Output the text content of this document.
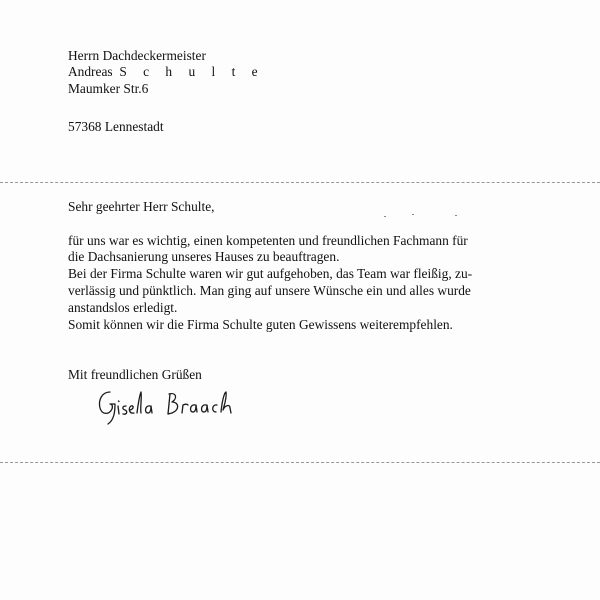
Herrn Dachdeckermeister
Andreas S c h u l t e
Maumker Str.6
57368 Lennestadt
Sehr geehrter Herr Schulte,
für uns war es wichtig, einen kompetenten und freundlichen Fachmann für
die Dachsanierung unseres Hauses zu beauftragen.
Bei der Firma Schulte waren wir gut aufgehoben, das Team war fleißig, zu-
verlässig und pünktlich. Man ging auf unsere Wünsche ein und alles wurde
anstandslos erledigt.
Somit können wir die Firma Schulte guten Gewissens weiterempfehlen.
Mit freundlichen Grüßen
